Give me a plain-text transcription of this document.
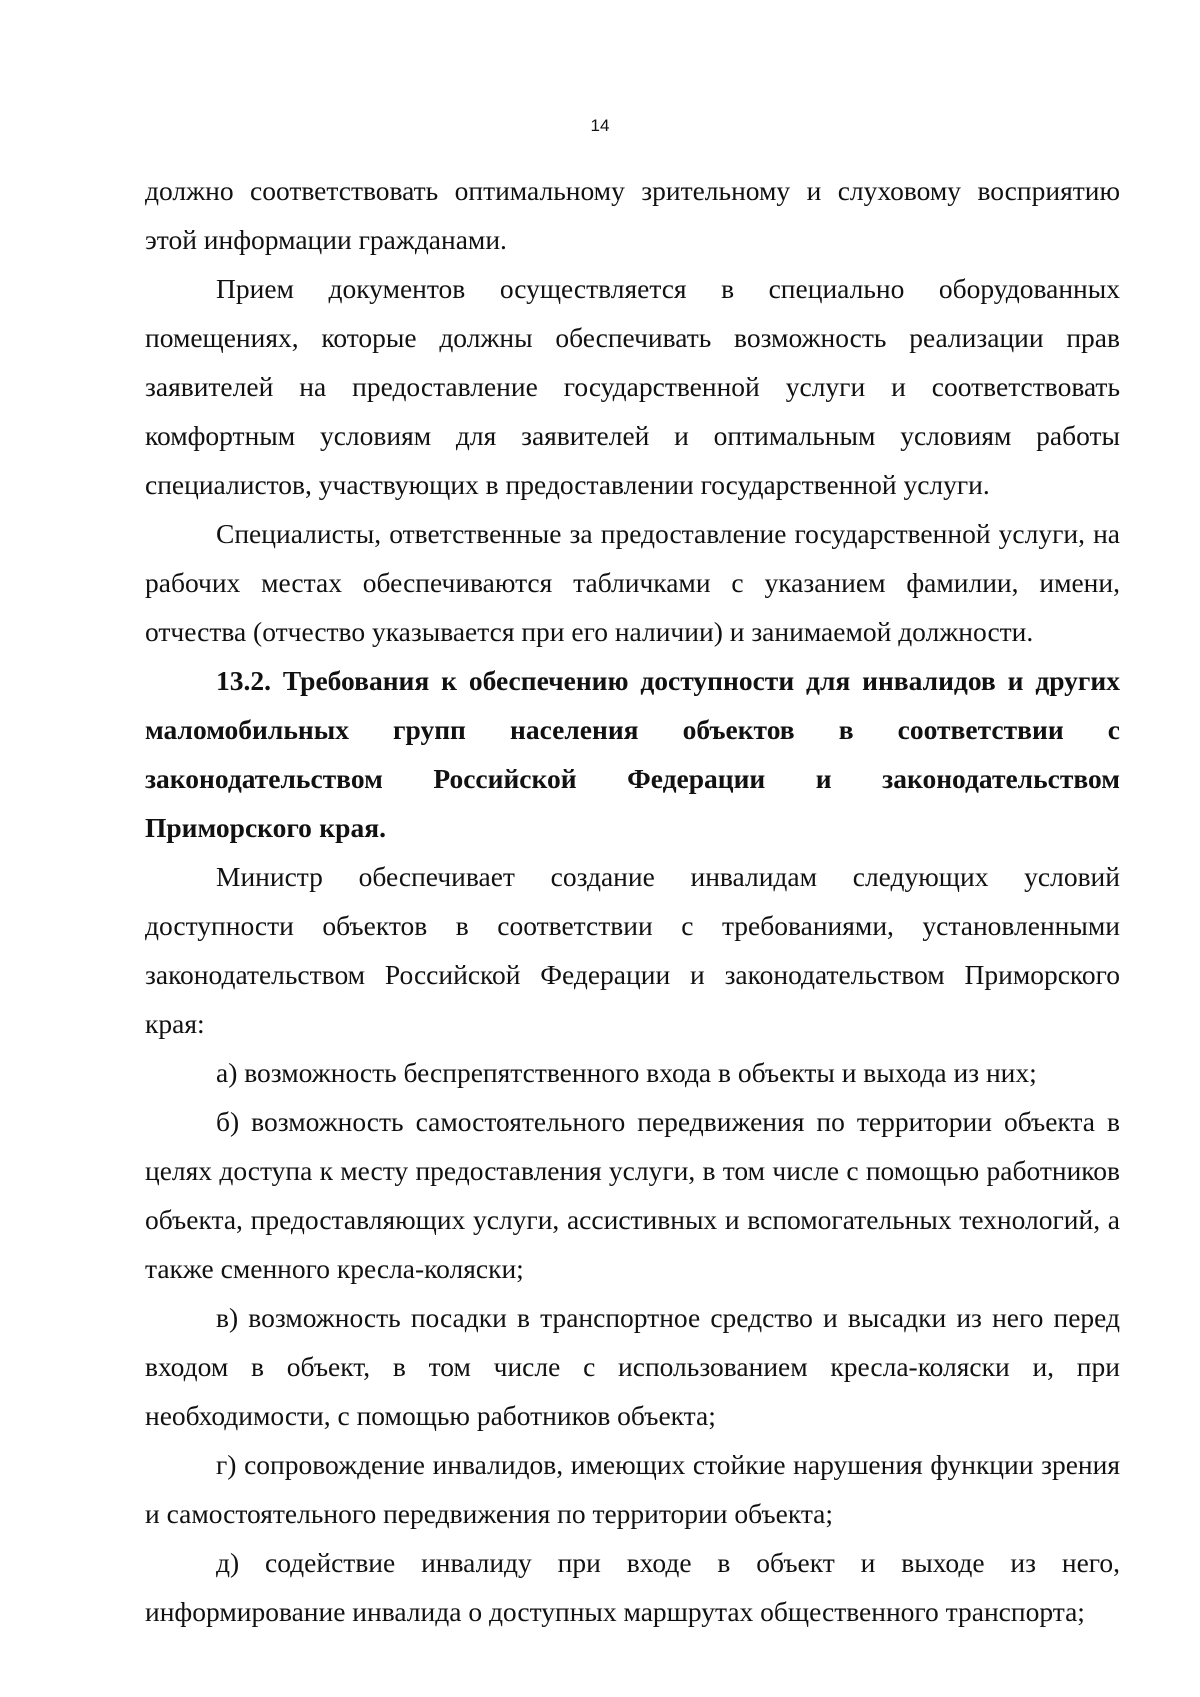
14

должно соответствовать оптимальному зрительному и слуховому восприятию этой информации гражданами.

Прием документов осуществляется в специально оборудованных помещениях, которые должны обеспечивать возможность реализации прав заявителей на предоставление государственной услуги и соответствовать комфортным условиям для заявителей и оптимальным условиям работы специалистов, участвующих в предоставлении государственной услуги.

Специалисты, ответственные за предоставление государственной услуги, на рабочих местах обеспечиваются табличками с указанием фамилии, имени, отчества (отчество указывается при его наличии) и занимаемой должности.

13.2. Требования к обеспечению доступности для инвалидов и других маломобильных групп населения объектов в соответствии с законодательством Российской Федерации и законодательством Приморского края.

Министр обеспечивает создание инвалидам следующих условий доступности объектов в соответствии с требованиями, установленными законодательством Российской Федерации и законодательством Приморского края:

а) возможность беспрепятственного входа в объекты и выхода из них;

б) возможность самостоятельного передвижения по территории объекта в целях доступа к месту предоставления услуги, в том числе с помощью работников объекта, предоставляющих услуги, ассистивных и вспомогательных технологий, а также сменного кресла-коляски;

в) возможность посадки в транспортное средство и высадки из него перед входом в объект, в том числе с использованием кресла-коляски и, при необходимости, с помощью работников объекта;

г) сопровождение инвалидов, имеющих стойкие нарушения функции зрения и самостоятельного передвижения по территории объекта;

д) содействие инвалиду при входе в объект и выходе из него, информирование инвалида о доступных маршрутах общественного транспорта;
